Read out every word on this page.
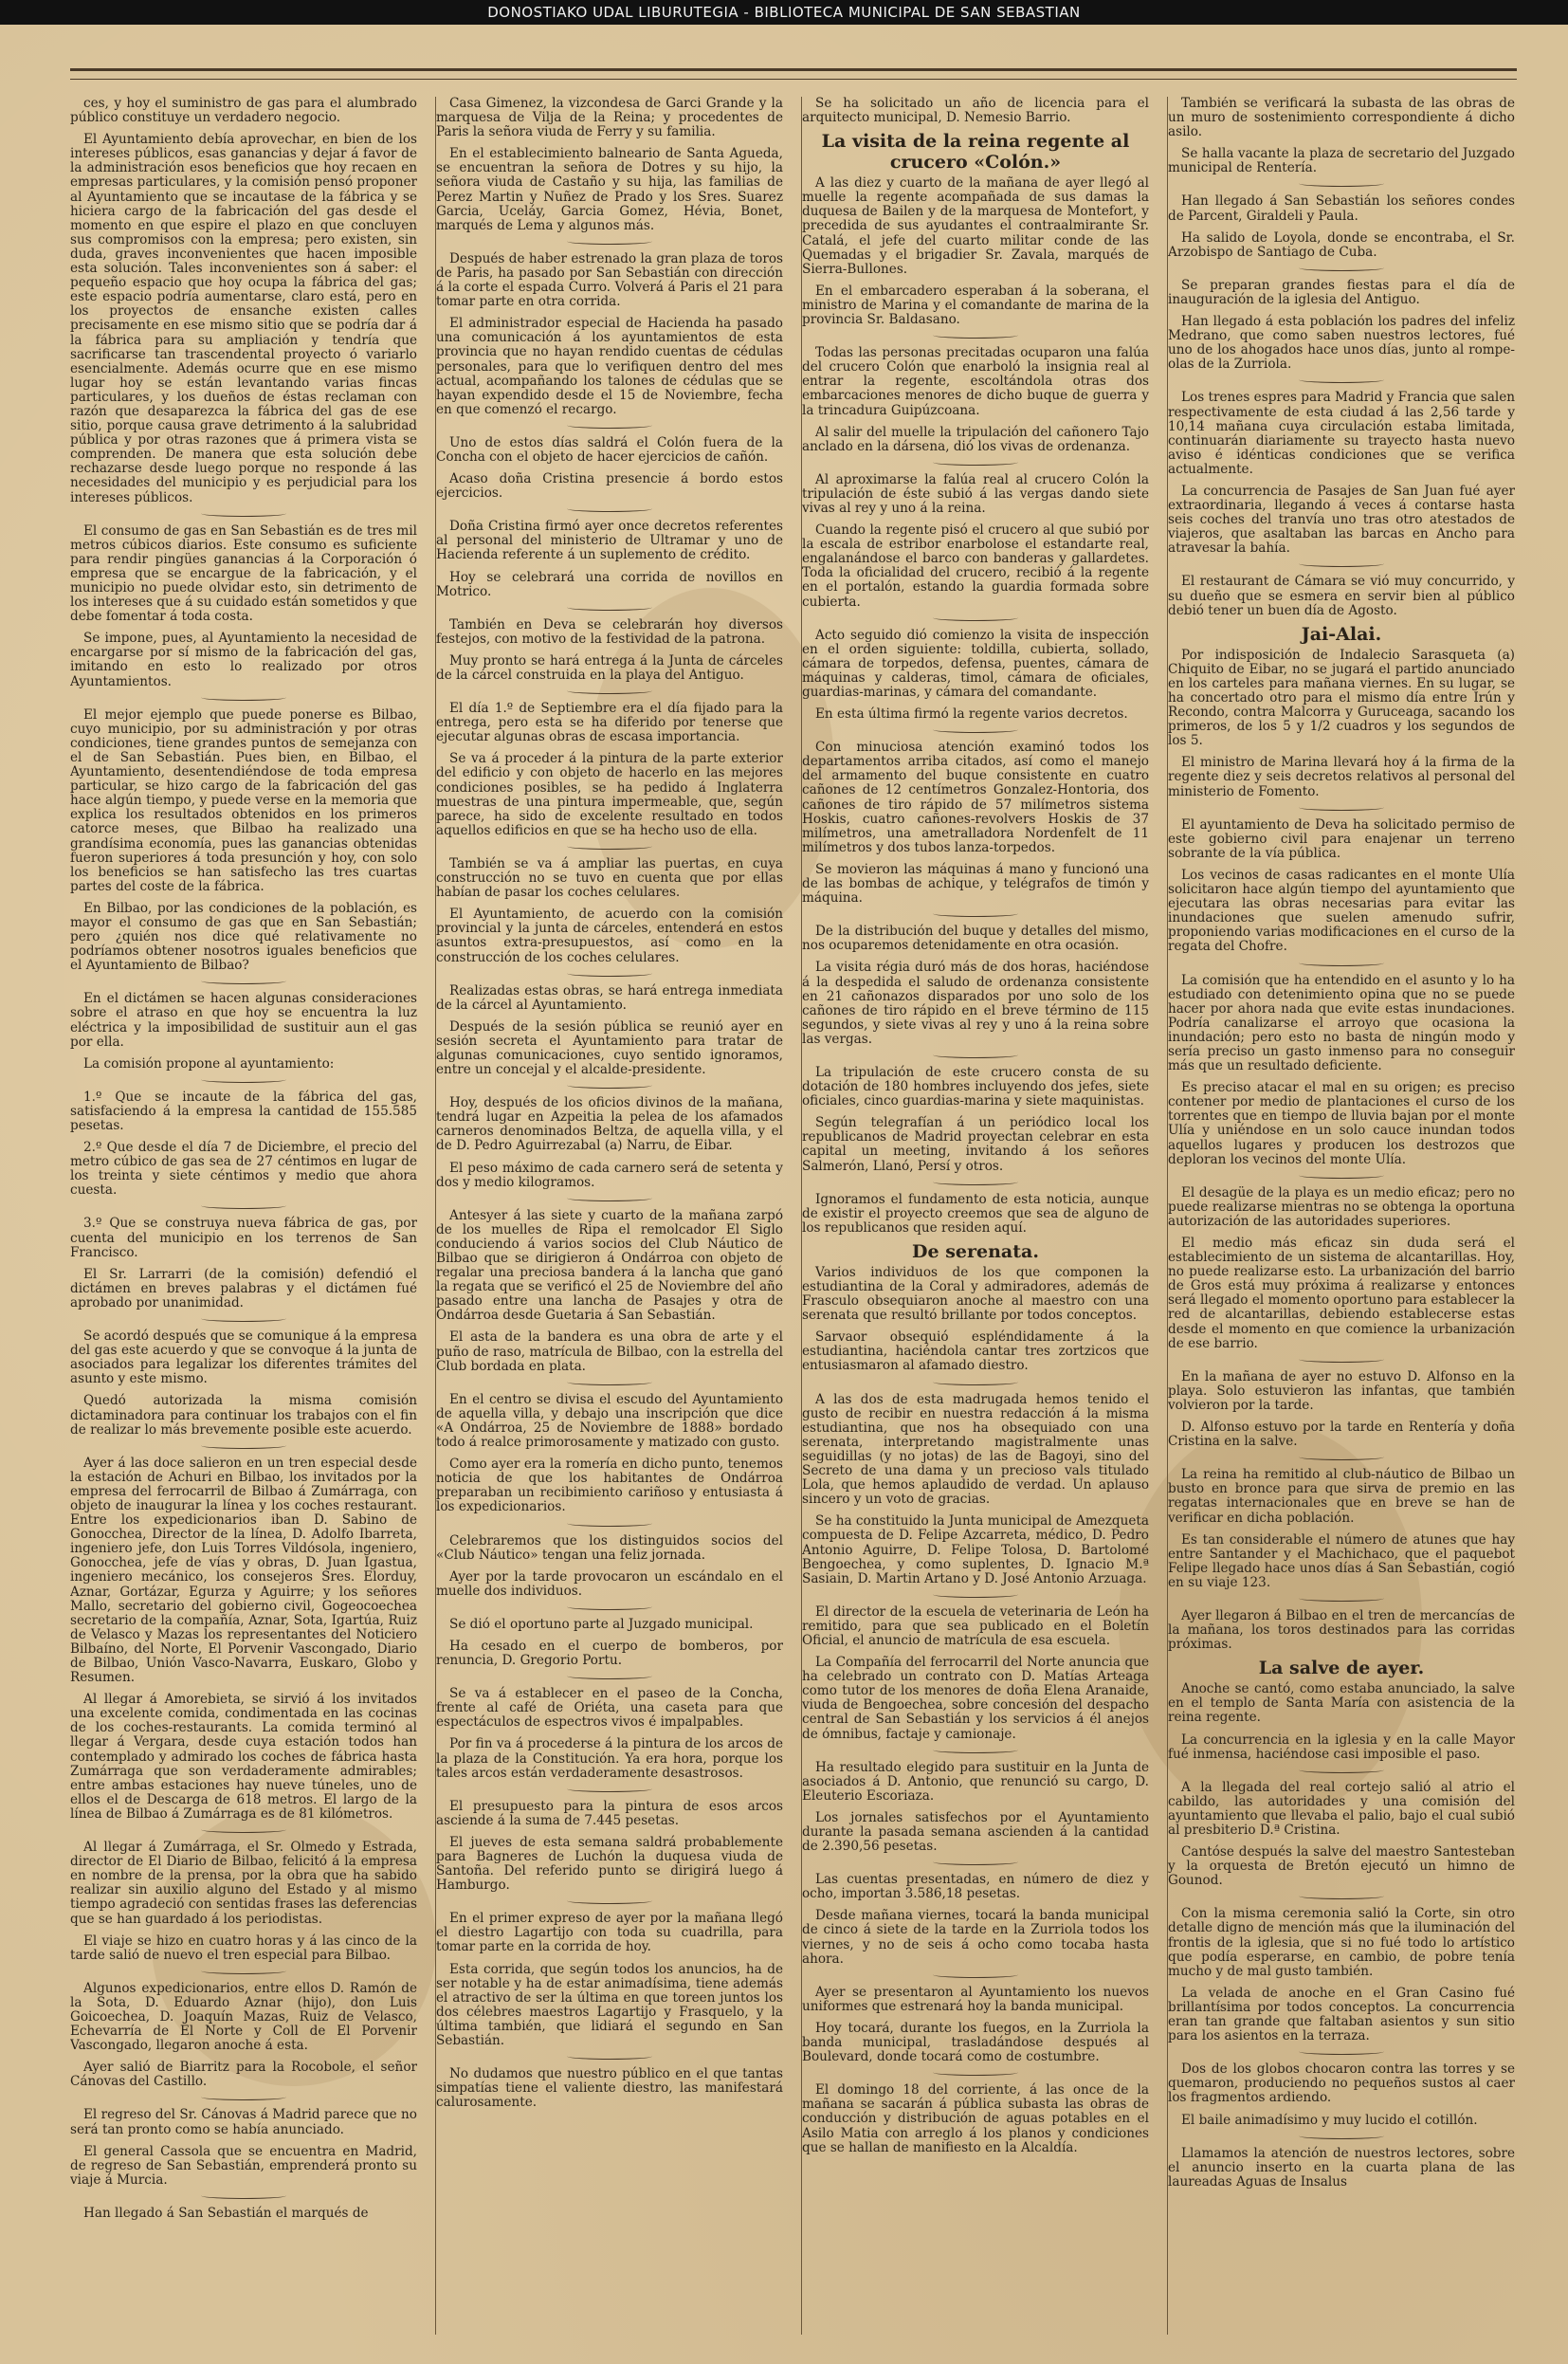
DONOSTIAKO UDAL LIBURUTEGIA - BIBLIOTECA MUNICIPAL DE SAN SEBASTIAN

ces, y hoy el suministro de gas para el alumbrado público constituye un verdadero negocio.

El Ayuntamiento debía aprovechar, en bien de los intereses públicos, esas ganancias y dejar á favor de la administración esos beneficios que hoy recaen en empresas particulares, y la comisión pensó proponer al Ayuntamiento que se incautase de la fábrica y se hiciera cargo de la fabricación del gas desde el momento en que espire el plazo en que concluyen sus compromisos con la empresa; pero existen, sin duda, graves inconvenientes que hacen imposible esta solución. Tales inconvenientes son á saber: el pequeño espacio que hoy ocupa la fábrica del gas; este espacio podría aumentarse, claro está, pero en los proyectos de ensanche existen calles precisamente en ese mismo sitio que se podría dar á la fábrica para su ampliación y tendría que sacrificarse tan trascendental proyecto ó variarlo esencialmente. Además ocurre que en ese mismo lugar hoy se están levantando varias fincas particulares, y los dueños de éstas reclaman con razón que desaparezca la fábrica del gas de ese sitio, porque causa grave detrimento á la salubridad pública y por otras razones que á primera vista se comprenden. De manera que esta solución debe rechazarse desde luego porque no responde á las necesidades del municipio y es perjudicial para los intereses públicos.

El consumo de gas en San Sebastián es de tres mil metros cúbicos diarios. Este consumo es suficiente para rendir pingües ganancias á la Corporación ó empresa que se encargue de la fabricación, y el municipio no puede olvidar esto, sin detrimento de los intereses que á su cuidado están sometidos y que debe fomentar á toda costa.

Se impone, pues, al Ayuntamiento la necesidad de encargarse por sí mismo de la fabricación del gas, imitando en esto lo realizado por otros Ayuntamientos.

El mejor ejemplo que puede ponerse es Bilbao, cuyo municipio, por su administración y por otras condiciones, tiene grandes puntos de semejanza con el de San Sebastián. Pues bien, en Bilbao, el Ayuntamiento, desentendiéndose de toda empresa particular, se hizo cargo de la fabricación del gas hace algún tiempo, y puede verse en la memoria que explica los resultados obtenidos en los primeros catorce meses, que Bilbao ha realizado una grandísima economía, pues las ganancias obtenidas fueron superiores á toda presunción y hoy, con solo los beneficios se han satisfecho las tres cuartas partes del coste de la fábrica.

En Bilbao, por las condiciones de la población, es mayor el consumo de gas que en San Sebastián; pero ¿quién nos dice qué relativamente no podríamos obtener nosotros iguales beneficios que el Ayuntamiento de Bilbao?

En el dictámen se hacen algunas consideraciones sobre el atraso en que hoy se encuentra la luz eléctrica y la imposibilidad de sustituir aun el gas por ella.

La comisión propone al ayuntamiento:

1.º Que se incaute de la fábrica del gas, satisfaciendo á la empresa la cantidad de 155.585 pesetas.

2.º Que desde el día 7 de Diciembre, el precio del metro cúbico de gas sea de 27 céntimos en lugar de los treinta y siete céntimos y medio que ahora cuesta.

3.º Que se construya nueva fábrica de gas, por cuenta del municipio en los terrenos de San Francisco.

El Sr. Larrarri (de la comisión) defendió el dictámen en breves palabras y el dictámen fué aprobado por unanimidad.

Se acordó después que se comunique á la empresa del gas este acuerdo y que se convoque á la junta de asociados para legalizar los diferentes trámites del asunto y este mismo.

Quedó autorizada la misma comisión dictaminadora para continuar los trabajos con el fin de realizar lo más brevemente posible este acuerdo.

Ayer á las doce salieron en un tren especial desde la estación de Achuri en Bilbao, los invitados por la empresa del ferrocarril de Bilbao á Zumárraga, con objeto de inaugurar la línea y los coches restaurant. Entre los expedicionarios iban D. Sabino de Gonocchea, Director de la línea, D. Adolfo Ibarreta, ingeniero jefe, don Luis Torres Vildósola, ingeniero, Gonocchea, jefe de vías y obras, D. Juan Igastua, ingeniero mecánico, los consejeros Sres. Elorduy, Aznar, Gortázar, Egurza y Aguirre; y los señores Mallo, secretario del gobierno civil, Gogeocoechea secretario de la compañía, Aznar, Sota, Igartúa, Ruiz de Velasco y Mazas los representantes del Noticiero Bilbaíno, del Norte, El Porvenir Vascongado, Diario de Bilbao, Unión Vasco-Navarra, Euskaro, Globo y Resumen.

Al llegar á Amorebieta, se sirvió á los invitados una excelente comida, condimentada en las cocinas de los coches-restaurants. La comida terminó al llegar á Vergara, desde cuya estación todos han contemplado y admirado los coches de fábrica hasta Zumárraga que son verdaderamente admirables; entre ambas estaciones hay nueve túneles, uno de ellos el de Descarga de 618 metros. El largo de la línea de Bilbao á Zumárraga es de 81 kilómetros.

Al llegar á Zumárraga, el Sr. Olmedo y Estrada, director de El Diario de Bilbao, felicitó á la empresa en nombre de la prensa, por la obra que ha sabido realizar sin auxilio alguno del Estado y al mismo tiempo agradeció con sentidas frases las deferencias que se han guardado á los periodistas.

El viaje se hizo en cuatro horas y á las cinco de la tarde salió de nuevo el tren especial para Bilbao.

Algunos expedicionarios, entre ellos D. Ramón de la Sota, D. Eduardo Aznar (hijo), don Luis Goicoechea, D. Joaquín Mazas, Ruiz de Velasco, Echevarría de El Norte y Coll de El Porvenir Vascongado, llegaron anoche á esta.

Ayer salió de Biarritz para la Rocobole, el señor Cánovas del Castillo.

El regreso del Sr. Cánovas á Madrid parece que no será tan pronto como se había anunciado.

El general Cassola que se encuentra en Madrid, de regreso de San Sebastián, emprenderá pronto su viaje á Murcia.

Han llegado á San Sebastián el marqués de

Casa Gimenez, la vizcondesa de Garci Grande y la marquesa de Vilja de la Reina; y procedentes de Paris la señora viuda de Ferry y su familia.

En el establecimiento balneario de Santa Agueda, se encuentran la señora de Dotres y su hijo, la señora viuda de Castaño y su hija, las familias de Perez Martin y Nuñez de Prado y los Sres. Suarez Garcia, Uceláy, Garcia Gomez, Hévia, Bonet, marqués de Lema y algunos más.

Después de haber estrenado la gran plaza de toros de Paris, ha pasado por San Sebastián con dirección á la corte el espada Curro. Volverá á Paris el 21 para tomar parte en otra corrida.

El administrador especial de Hacienda ha pasado una comunicación á los ayuntamientos de esta provincia que no hayan rendido cuentas de cédulas personales, para que lo verifiquen dentro del mes actual, acompañando los talones de cédulas que se hayan expendido desde el 15 de Noviembre, fecha en que comenzó el recargo.

Uno de estos días saldrá el Colón fuera de la Concha con el objeto de hacer ejercicios de cañón.

Acaso doña Cristina presencie á bordo estos ejercicios.

Doña Cristina firmó ayer once decretos referentes al personal del ministerio de Ultramar y uno de Hacienda referente á un suplemento de crédito.

Hoy se celebrará una corrida de novillos en Motrico.

También en Deva se celebrarán hoy diversos festejos, con motivo de la festividad de la patrona.

Muy pronto se hará entrega á la Junta de cárceles de la cárcel construida en la playa del Antiguo.

El día 1.º de Septiembre era el día fijado para la entrega, pero esta se ha diferido por tenerse que ejecutar algunas obras de escasa importancia.

Se va á proceder á la pintura de la parte exterior del edificio y con objeto de hacerlo en las mejores condiciones posibles, se ha pedido á Inglaterra muestras de una pintura impermeable, que, según parece, ha sido de excelente resultado en todos aquellos edificios en que se ha hecho uso de ella.

También se va á ampliar las puertas, en cuya construcción no se tuvo en cuenta que por ellas habían de pasar los coches celulares.

El Ayuntamiento, de acuerdo con la comisión provincial y la junta de cárceles, entenderá en estos asuntos extra-presupuestos, así como en la construcción de los coches celulares.

Realizadas estas obras, se hará entrega inmediata de la cárcel al Ayuntamiento.

Después de la sesión pública se reunió ayer en sesión secreta el Ayuntamiento para tratar de algunas comunicaciones, cuyo sentido ignoramos, entre un concejal y el alcalde-presidente.

Hoy, después de los oficios divinos de la mañana, tendrá lugar en Azpeitia la pelea de los afamados carneros denominados Beltza, de aquella villa, y el de D. Pedro Aguirrezabal (a) Narru, de Eibar.

El peso máximo de cada carnero será de setenta y dos y medio kilogramos.

Antesyer á las siete y cuarto de la mañana zarpó de los muelles de Ripa el remolcador El Siglo conduciendo á varios socios del Club Náutico de Bilbao que se dirigieron á Ondárroa con objeto de regalar una preciosa bandera á la lancha que ganó la regata que se verificó el 25 de Noviembre del año pasado entre una lancha de Pasajes y otra de Ondárroa desde Guetaria á San Sebastián.

El asta de la bandera es una obra de arte y el puño de raso, matrícula de Bilbao, con la estrella del Club bordada en plata.

En el centro se divisa el escudo del Ayuntamiento de aquella villa, y debajo una inscripción que dice «A Ondárroa, 25 de Noviembre de 1888» bordado todo á realce primorosamente y matizado con gusto.

Como ayer era la romería en dicho punto, tenemos noticia de que los habitantes de Ondárroa preparaban un recibimiento cariñoso y entusiasta á los expedicionarios.

Celebraremos que los distinguidos socios del «Club Náutico» tengan una feliz jornada.

Ayer por la tarde provocaron un escándalo en el muelle dos individuos.

Se dió el oportuno parte al Juzgado municipal.

Ha cesado en el cuerpo de bomberos, por renuncia, D. Gregorio Portu.

Se va á establecer en el paseo de la Concha, frente al café de Oriéta, una caseta para que espectáculos de espectros vivos é impalpables.

Por fin va á procederse á la pintura de los arcos de la plaza de la Constitución. Ya era hora, porque los tales arcos están verdaderamente desastrosos.

El presupuesto para la pintura de esos arcos asciende á la suma de 7.445 pesetas.

El jueves de esta semana saldrá probablemente para Bagneres de Luchón la duquesa viuda de Santoña. Del referido punto se dirigirá luego á Hamburgo.

En el primer expreso de ayer por la mañana llegó el diestro Lagartijo con toda su cuadrilla, para tomar parte en la corrida de hoy.

Esta corrida, que según todos los anuncios, ha de ser notable y ha de estar animadísima, tiene además el atractivo de ser la última en que toreen juntos los dos célebres maestros Lagartijo y Frasquelo, y la última también, que lidiará el segundo en San Sebastián.

No dudamos que nuestro público en el que tantas simpatías tiene el valiente diestro, las manifestará calurosamente.

Se ha solicitado un año de licencia para el arquitecto municipal, D. Nemesio Barrio.

La visita de la reina regente al crucero «Colón.»

A las diez y cuarto de la mañana de ayer llegó al muelle la regente acompañada de sus damas la duquesa de Bailen y de la marquesa de Montefort, y precedida de sus ayudantes el contraalmirante Sr. Catalá, el jefe del cuarto militar conde de las Quemadas y el brigadier Sr. Zavala, marqués de Sierra-Bullones.

En el embarcadero esperaban á la soberana, el ministro de Marina y el comandante de marina de la provincia Sr. Baldasano.

Todas las personas precitadas ocuparon una falúa del crucero Colón que enarboló la insignia real al entrar la regente, escoltándola otras dos embarcaciones menores de dicho buque de guerra y la trincadura Guipúzcoana.

Al salir del muelle la tripulación del cañonero Tajo anclado en la dársena, dió los vivas de ordenanza.

Al aproximarse la falúa real al crucero Colón la tripulación de éste subió á las vergas dando siete vivas al rey y uno á la reina.

Cuando la regente pisó el crucero al que subió por la escala de estribor enarbolose el estandarte real, engalanándose el barco con banderas y gallardetes. Toda la oficialidad del crucero, recibió á la regente en el portalón, estando la guardia formada sobre cubierta.

Acto seguido dió comienzo la visita de inspección en el orden siguiente: toldilla, cubierta, sollado, cámara de torpedos, defensa, puentes, cámara de máquinas y calderas, timol, cámara de oficiales, guardias-marinas, y cámara del comandante.

En esta última firmó la regente varios decretos.

Con minuciosa atención examinó todos los departamentos arriba citados, así como el manejo del armamento del buque consistente en cuatro cañones de 12 centímetros Gonzalez-Hontoria, dos cañones de tiro rápido de 57 milímetros sistema Hoskis, cuatro cañones-revolvers Hoskis de 37 milímetros, una ametralladora Nordenfelt de 11 milímetros y dos tubos lanza-torpedos.

Se movieron las máquinas á mano y funcionó una de las bombas de achique, y telégrafos de timón y máquina.

De la distribución del buque y detalles del mismo, nos ocuparemos detenidamente en otra ocasión.

La visita régia duró más de dos horas, haciéndose á la despedida el saludo de ordenanza consistente en 21 cañonazos disparados por uno solo de los cañones de tiro rápido en el breve término de 115 segundos, y siete vivas al rey y uno á la reina sobre las vergas.

La tripulación de este crucero consta de su dotación de 180 hombres incluyendo dos jefes, siete oficiales, cinco guardias-marina y siete maquinistas.

Según telegrafían á un periódico local los republicanos de Madrid proyectan celebrar en esta capital un meeting, invitando á los señores Salmerón, Llanó, Persí y otros.

Ignoramos el fundamento de esta noticia, aunque de existir el proyecto creemos que sea de alguno de los republicanos que residen aquí.

De serenata.

Varios individuos de los que componen la estudiantina de la Coral y admiradores, además de Frasculo obsequiaron anoche al maestro con una serenata que resultó brillante por todos conceptos.

Sarvaor obsequió espléndidamente á la estudiantina, haciéndola cantar tres zortzicos que entusiasmaron al afamado diestro.

A las dos de esta madrugada hemos tenido el gusto de recibir en nuestra redacción á la misma estudiantina, que nos ha obsequiado con una serenata, interpretando magistralmente unas seguidillas (y no jotas) de las de Bagoyi, sino del Secreto de una dama y un precioso vals titulado Lola, que hemos aplaudido de verdad. Un aplauso sincero y un voto de gracias.

Se ha constituido la Junta municipal de Amezqueta compuesta de D. Felipe Azcarreta, médico, D. Pedro Antonio Aguirre, D. Felipe Tolosa, D. Bartolomé Bengoechea, y como suplentes, D. Ignacio M.ª Sasiain, D. Martin Artano y D. José Antonio Arzuaga.

El director de la escuela de veterinaria de León ha remitido, para que sea publicado en el Boletín Oficial, el anuncio de matrícula de esa escuela.

La Compañía del ferrocarril del Norte anuncia que ha celebrado un contrato con D. Matías Arteaga como tutor de los menores de doña Elena Aranaide, viuda de Bengoechea, sobre concesión del despacho central de San Sebastián y los servicios á él anejos de ómnibus, factaje y camionaje.

Ha resultado elegido para sustituir en la Junta de asociados á D. Antonio, que renunció su cargo, D. Eleuterio Escoriaza.

Los jornales satisfechos por el Ayuntamiento durante la pasada semana ascienden á la cantidad de 2.390,56 pesetas.

Las cuentas presentadas, en número de diez y ocho, importan 3.586,18 pesetas.

Desde mañana viernes, tocará la banda municipal de cinco á siete de la tarde en la Zurriola todos los viernes, y no de seis á ocho como tocaba hasta ahora.

Ayer se presentaron al Ayuntamiento los nuevos uniformes que estrenará hoy la banda municipal.

Hoy tocará, durante los fuegos, en la Zurriola la banda municipal, trasladándose después al Boulevard, donde tocará como de costumbre.

El domingo 18 del corriente, á las once de la mañana se sacarán á pública subasta las obras de conducción y distribución de aguas potables en el Asilo Matia con arreglo á los planos y condiciones que se hallan de manifiesto en la Alcaldía.

También se verificará la subasta de las obras de un muro de sostenimiento correspondiente á dicho asilo.

Se halla vacante la plaza de secretario del Juzgado municipal de Rentería.

Han llegado á San Sebastián los señores condes de Parcent, Giraldeli y Paula.

Ha salido de Loyola, donde se encontraba, el Sr. Arzobispo de Santiago de Cuba.

Se preparan grandes fiestas para el día de inauguración de la iglesia del Antiguo.

Han llegado á esta población los padres del infeliz Medrano, que como saben nuestros lectores, fué uno de los ahogados hace unos días, junto al rompe-olas de la Zurriola.

Los trenes espres para Madrid y Francia que salen respectivamente de esta ciudad á las 2,56 tarde y 10,14 mañana cuya circulación estaba limitada, continuarán diariamente su trayecto hasta nuevo aviso é idénticas condiciones que se verifica actualmente.

La concurrencia de Pasajes de San Juan fué ayer extraordinaria, llegando á veces á contarse hasta seis coches del tranvía uno tras otro atestados de viajeros, que asaltaban las barcas en Ancho para atravesar la bahía.

El restaurant de Cámara se vió muy concurrido, y su dueño que se esmera en servir bien al público debió tener un buen día de Agosto.

Jai-Alai.

Por indisposición de Indalecio Sarasqueta (a) Chiquito de Eibar, no se jugará el partido anunciado en los carteles para mañana viernes. En su lugar, se ha concertado otro para el mismo día entre Irún y Recondo, contra Malcorra y Guruceaga, sacando los primeros, de los 5 y 1/2 cuadros y los segundos de los 5.

El ministro de Marina llevará hoy á la firma de la regente diez y seis decretos relativos al personal del ministerio de Fomento.

El ayuntamiento de Deva ha solicitado permiso de este gobierno civil para enajenar un terreno sobrante de la vía pública.

Los vecinos de casas radicantes en el monte Ulía solicitaron hace algún tiempo del ayuntamiento que ejecutara las obras necesarias para evitar las inundaciones que suelen amenudo sufrir, proponiendo varias modificaciones en el curso de la regata del Chofre.

La comisión que ha entendido en el asunto y lo ha estudiado con detenimiento opina que no se puede hacer por ahora nada que evite estas inundaciones. Podría canalizarse el arroyo que ocasiona la inundación; pero esto no basta de ningún modo y sería preciso un gasto inmenso para no conseguir más que un resultado deficiente.

Es preciso atacar el mal en su origen; es preciso contener por medio de plantaciones el curso de los torrentes que en tiempo de lluvia bajan por el monte Ulía y uniéndose en un solo cauce inundan todos aquellos lugares y producen los destrozos que deploran los vecinos del monte Ulía.

El desagüe de la playa es un medio eficaz; pero no puede realizarse mientras no se obtenga la oportuna autorización de las autoridades superiores.

El medio más eficaz sin duda será el establecimiento de un sistema de alcantarillas. Hoy, no puede realizarse esto. La urbanización del barrio de Gros está muy próxima á realizarse y entonces será llegado el momento oportuno para establecer la red de alcantarillas, debiendo establecerse estas desde el momento en que comience la urbanización de ese barrio.

En la mañana de ayer no estuvo D. Alfonso en la playa. Solo estuvieron las infantas, que también volvieron por la tarde.

D. Alfonso estuvo por la tarde en Rentería y doña Cristina en la salve.

La reina ha remitido al club-náutico de Bilbao un busto en bronce para que sirva de premio en las regatas internacionales que en breve se han de verificar en dicha población.

Es tan considerable el número de atunes que hay entre Santander y el Machichaco, que el paquebot Felipe llegado hace unos días á San Sebastián, cogió en su viaje 123.

Ayer llegaron á Bilbao en el tren de mercancías de la mañana, los toros destinados para las corridas próximas.

La salve de ayer.

Anoche se cantó, como estaba anunciado, la salve en el templo de Santa María con asistencia de la reina regente.

La concurrencia en la iglesia y en la calle Mayor fué inmensa, haciéndose casi imposible el paso.

A la llegada del real cortejo salió al atrio el cabildo, las autoridades y una comisión del ayuntamiento que llevaba el palio, bajo el cual subió al presbiterio D.ª Cristina.

Cantóse después la salve del maestro Santesteban y la orquesta de Bretón ejecutó un himno de Gounod.

Con la misma ceremonia salió la Corte, sin otro detalle digno de mención más que la iluminación del frontis de la iglesia, que si no fué todo lo artístico que podía esperarse, en cambio, de pobre tenía mucho y de mal gusto también.

La velada de anoche en el Gran Casino fué brillantísima por todos conceptos. La concurrencia eran tan grande que faltaban asientos y sun sitio para los asientos en la terraza.

Dos de los globos chocaron contra las torres y se quemaron, produciendo no pequeños sustos al caer los fragmentos ardiendo.

El baile animadísimo y muy lucido el cotillón.

Llamamos la atención de nuestros lectores, sobre el anuncio inserto en la cuarta plana de las laureadas Aguas de Insalus
